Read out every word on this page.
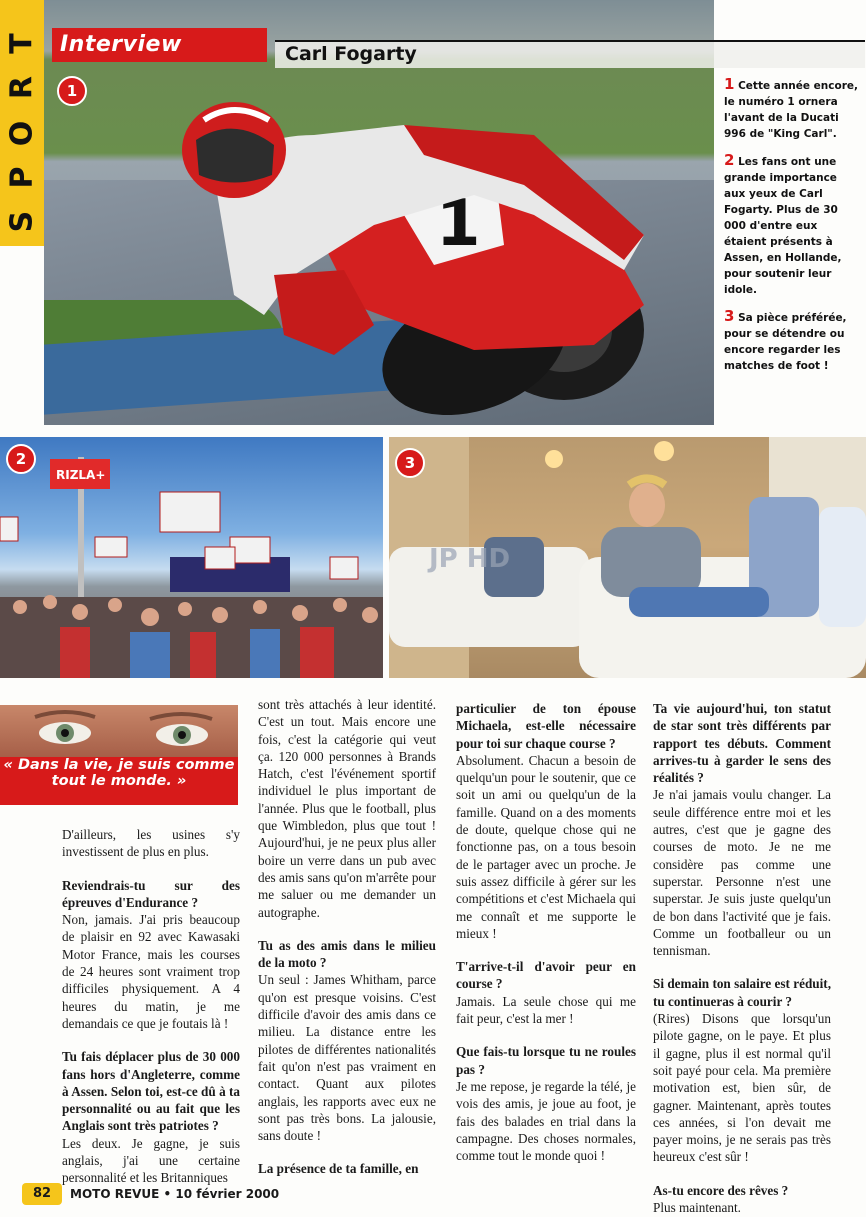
T
R
O
P
S	1
Interview	Carl Fogarty
1	1 Cette année encore, le numéro 1 ornera l'avant de la Ducati 996 de "King Carl".
2 Les fans ont une grande importance aux yeux de Carl Fogarty. Plus de 30 000 d'entre eux étaient présents à Assen, en Hollande, pour soutenir leur idole.
3 Sa pièce préférée, pour se détendre ou encore regarder les matches de foot !
RIZLA+
2
JP HD
3
« Dans la vie, je suis comme tout le monde. »

D'ailleurs, les usines s'y investissent de plus en plus.

Reviendrais-tu sur des épreuves d'Endurance ?

Non, jamais. J'ai pris beaucoup de plaisir en 92 avec Kawasaki Motor France, mais les courses de 24 heures sont vraiment trop difficiles physiquement. A 4 heures du matin, je me demandais ce que je foutais là !

Tu fais déplacer plus de 30 000 fans hors d'Angleterre, comme à Assen. Selon toi, est-ce dû à ta personnalité ou au fait que les Anglais sont très patriotes ?

Les deux. Je gagne, je suis anglais, j'ai une certaine personnalité et les Britanniques

sont très attachés à leur identité. C'est un tout. Mais encore une fois, c'est la catégorie qui veut ça. 120 000 personnes à Brands Hatch, c'est l'événement sportif individuel le plus important de l'année. Plus que le football, plus que Wimbledon, plus que tout ! Aujourd'hui, je ne peux plus aller boire un verre dans un pub avec des amis sans qu'on m'arrête pour me saluer ou me demander un autographe.

Tu as des amis dans le milieu de la moto ?

Un seul : James Whitham, parce qu'on est presque voisins. C'est difficile d'avoir des amis dans ce milieu. La distance entre les pilotes de différentes nationalités fait qu'on n'est pas vraiment en contact. Quant aux pilotes anglais, les rapports avec eux ne sont pas très bons. La jalousie, sans doute !

La présence de ta famille, en

particulier de ton épouse Michaela, est-elle nécessaire pour toi sur chaque course ?

Absolument. Chacun a besoin de quelqu'un pour le soutenir, que ce soit un ami ou quelqu'un de la famille. Quand on a des moments de doute, quelque chose qui ne fonctionne pas, on a tous besoin de le partager avec un proche. Je suis assez difficile à gérer sur les compétitions et c'est Michaela qui me connaît et me supporte le mieux !

T'arrive-t-il d'avoir peur en course ?

Jamais. La seule chose qui me fait peur, c'est la mer !

Que fais-tu lorsque tu ne roules pas ?

Je me repose, je regarde la télé, je vois des amis, je joue au foot, je fais des balades en trial dans la campagne. Des choses normales, comme tout le monde quoi !

Ta vie aujourd'hui, ton statut de star sont très différents par rapport tes débuts. Comment arrives-tu à garder le sens des réalités ?

Je n'ai jamais voulu changer. La seule différence entre moi et les autres, c'est que je gagne des courses de moto. Je ne me considère pas comme une superstar. Personne n'est une superstar. Je suis juste quelqu'un de bon dans l'activité que je fais. Comme un footballeur ou un tennisman.

Si demain ton salaire est réduit, tu continueras à courir ?

(Rires) Disons que lorsqu'un pilote gagne, on le paye. Et plus il gagne, plus il est normal qu'il soit payé pour cela. Ma première motivation est, bien sûr, de gagner. Maintenant, après toutes ces années, si l'on devait me payer moins, je ne serais pas très heureux c'est sûr !

As-tu encore des rêves ?

Plus maintenant.

82	MOTO REVUE • 10 février 2000
